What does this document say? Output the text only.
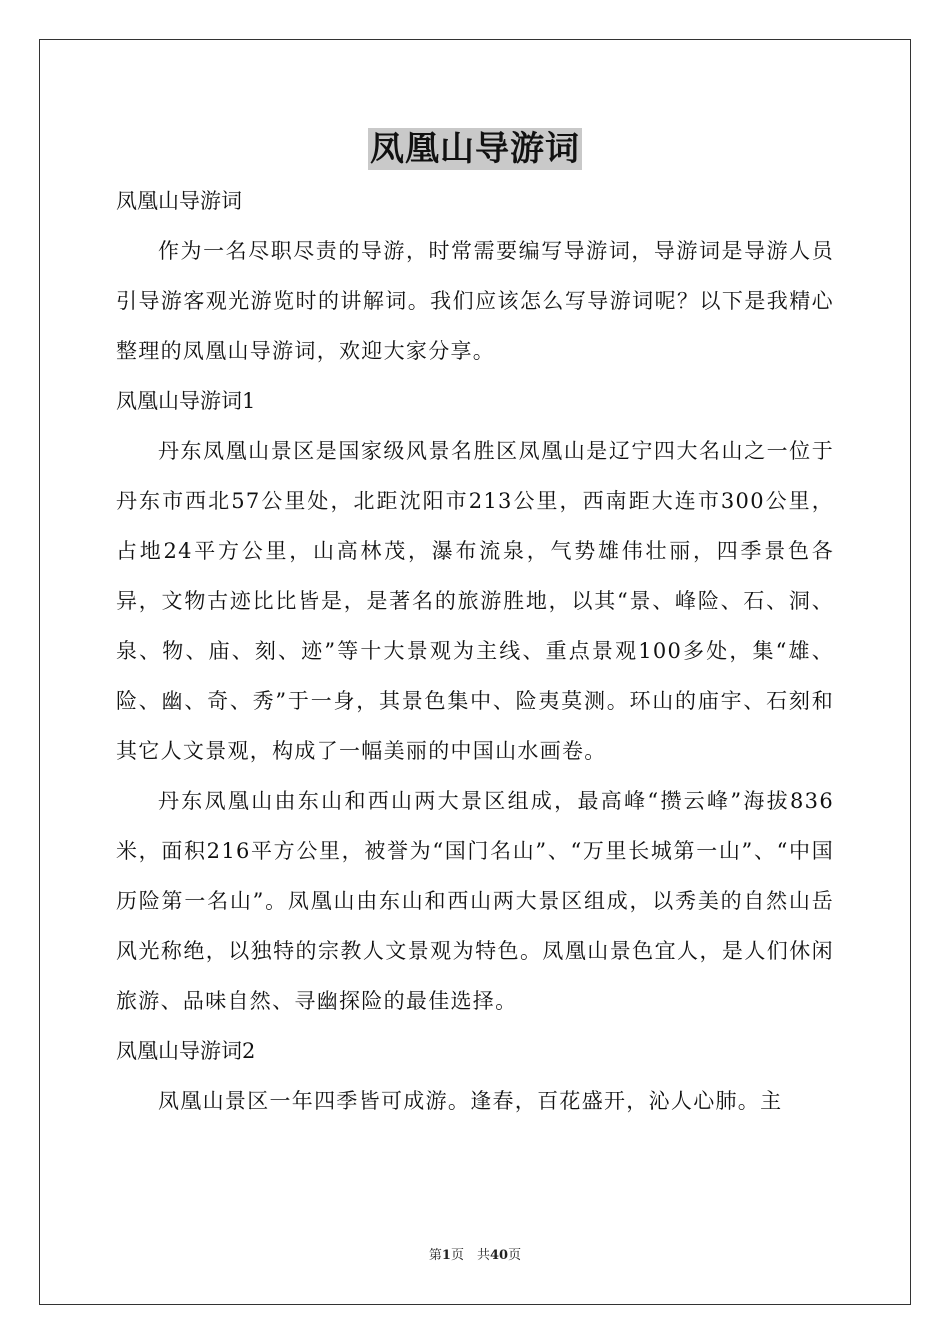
凤凰山导游词

凤凰山导游词

作为一名尽职尽责的导游，时常需要编写导游词，导游词是导游人员引导游客观光游览时的讲解词。我们应该怎么写导游词呢？以下是我精心整理的凤凰山导游词，欢迎大家分享。

凤凰山导游词1

丹东凤凰山景区是国家级风景名胜区凤凰山是辽宁四大名山之一位于丹东市西北57公里处，北距沈阳市213公里，西南距大连市300公里，占地24平方公里，山高林茂，瀑布流泉，气势雄伟壮丽，四季景色各异，文物古迹比比皆是，是著名的旅游胜地，以其“景、峰险、石、洞、泉、物、庙、刻、迹”等十大景观为主线、重点景观100多处，集“雄、险、幽、奇、秀”于一身，其景色集中、险夷莫测。环山的庙宇、石刻和其它人文景观，构成了一幅美丽的中国山水画卷。

丹东凤凰山由东山和西山两大景区组成，最高峰“攒云峰”海拔836米，面积216平方公里，被誉为“国门名山”、“万里长城第一山”、“中国历险第一名山”。凤凰山由东山和西山两大景区组成，以秀美的自然山岳风光称绝，以独特的宗教人文景观为特色。凤凰山景色宜人，是人们休闲旅游、品味自然、寻幽探险的最佳选择。

凤凰山导游词2

凤凰山景区一年四季皆可成游。逢春，百花盛开，沁人心肺。主

第1页　共40页
